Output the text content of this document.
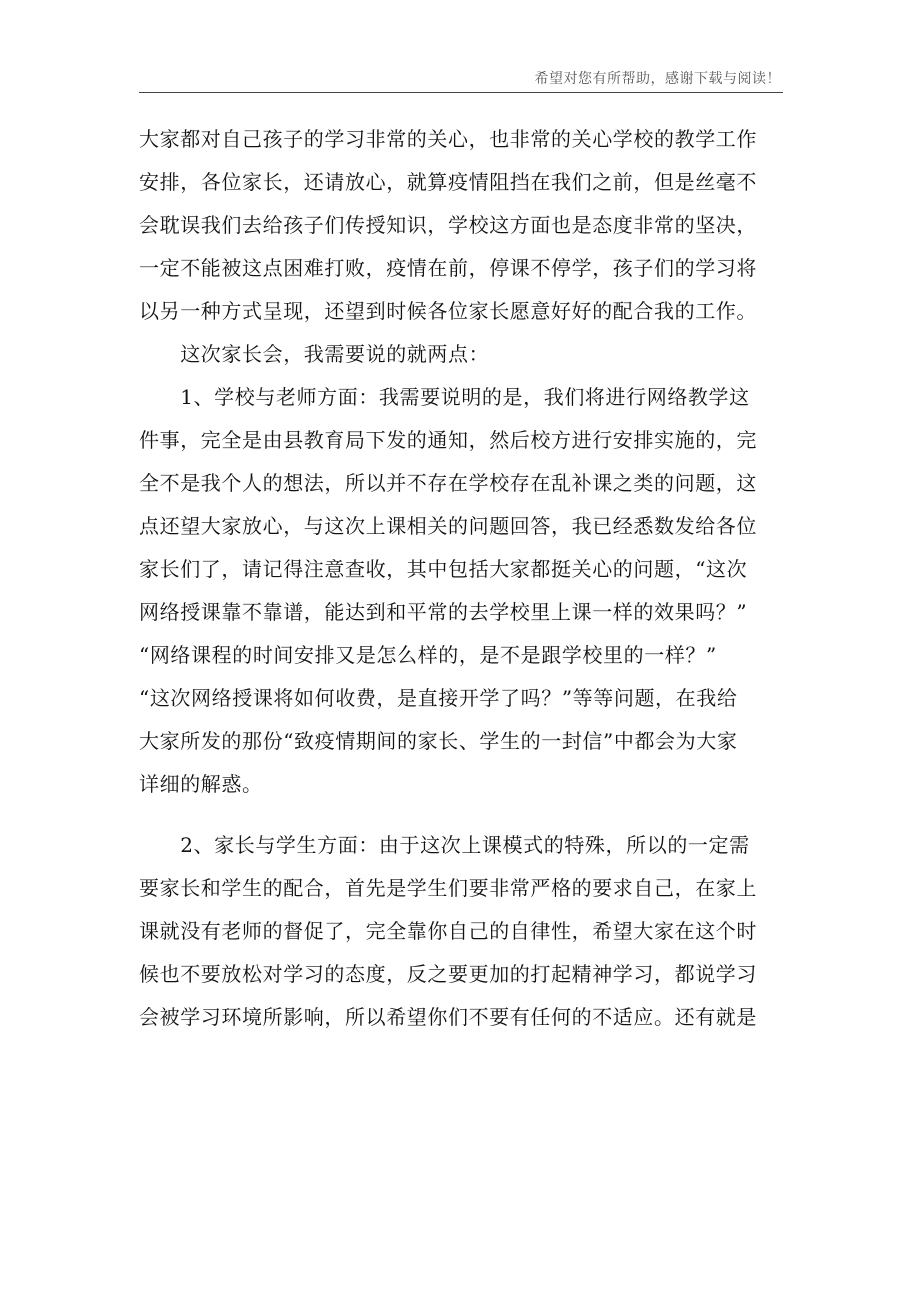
希望对您有所帮助，感谢下载与阅读！
大家都对自己孩子的学习非常的关心，也非常的关心学校的教学工作
安排，各位家长，还请放心，就算疫情阻挡在我们之前，但是丝毫不
会耽误我们去给孩子们传授知识，学校这方面也是态度非常的坚决，
一定不能被这点困难打败，疫情在前，停课不停学，孩子们的学习将
以另一种方式呈现，还望到时候各位家长愿意好好的配合我的工作。
　　这次家长会，我需要说的就两点：
　　1、学校与老师方面：我需要说明的是，我们将进行网络教学这
件事，完全是由县教育局下发的通知，然后校方进行安排实施的，完
全不是我个人的想法，所以并不存在学校存在乱补课之类的问题，这
点还望大家放心，与这次上课相关的问题回答，我已经悉数发给各位
家长们了，请记得注意查收，其中包括大家都挺关心的问题，“这次
网络授课靠不靠谱，能达到和平常的去学校里上课一样的效果吗？”
“网络课程的时间安排又是怎么样的，是不是跟学校里的一样？”
“这次网络授课将如何收费，是直接开学了吗？”等等问题，在我给
大家所发的那份“致疫情期间的家长、学生的一封信”中都会为大家
详细的解惑。
　　2、家长与学生方面：由于这次上课模式的特殊，所以的一定需
要家长和学生的配合，首先是学生们要非常严格的要求自己，在家上
课就没有老师的督促了，完全靠你自己的自律性，希望大家在这个时
候也不要放松对学习的态度，反之要更加的打起精神学习，都说学习
会被学习环境所影响，所以希望你们不要有任何的不适应。还有就是
